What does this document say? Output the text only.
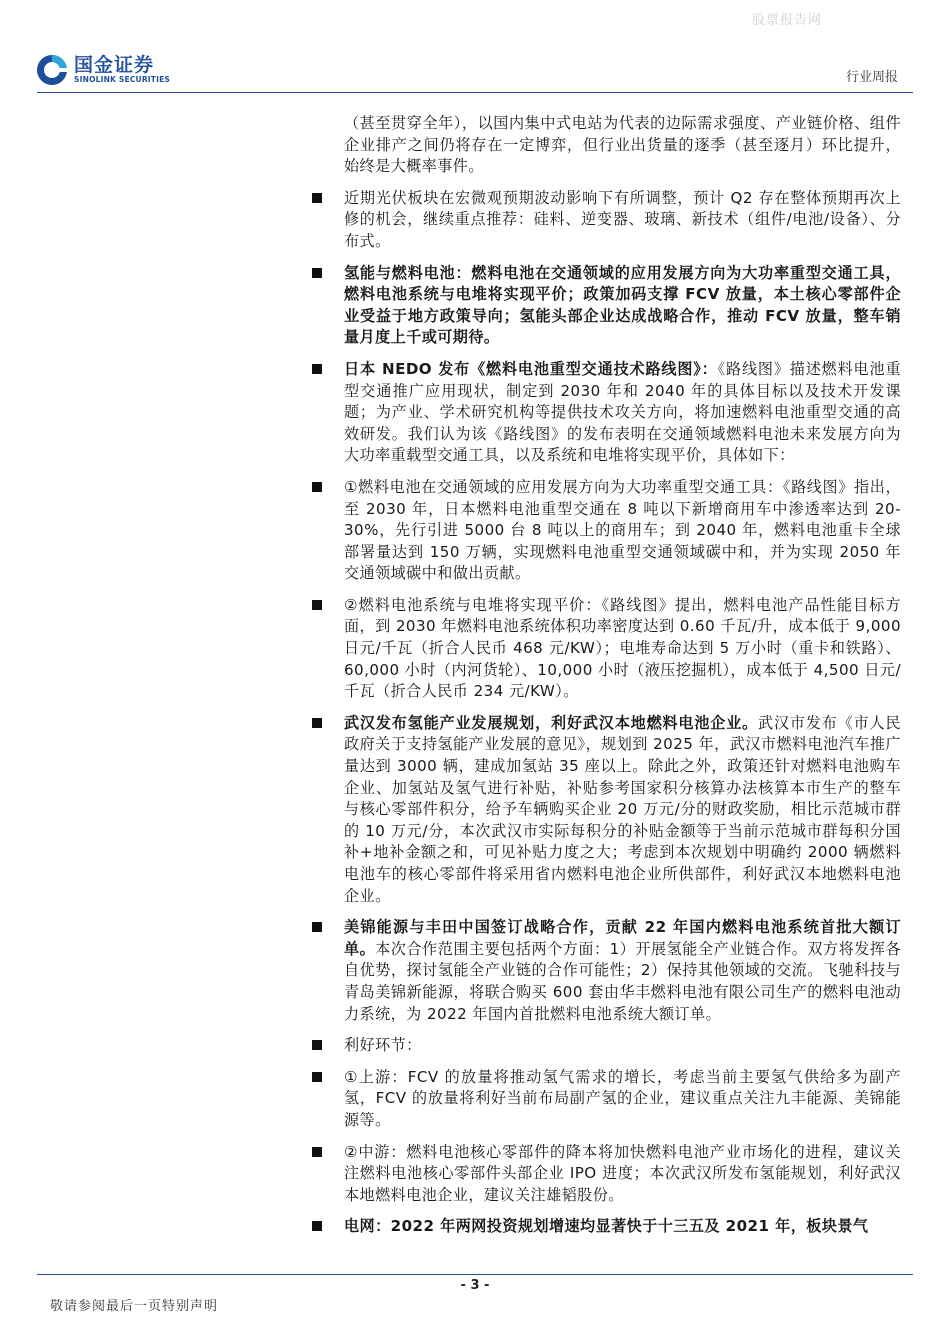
股票报告网
国金证券
SINOLINK SECURITIES	行业周报
（甚至贯穿全年），以国内集中式电站为代表的边际需求强度、产业链价格、组件企业排产之间仍将存在一定博弈，但行业出货量的逐季（甚至逐月）环比提升，始终是大概率事件。
近期光伏板块在宏微观预期波动影响下有所调整，预计 Q2 存在整体预期再次上修的机会，继续重点推荐：硅料、逆变器、玻璃、新技术（组件/电池/设备）、分布式。
氢能与燃料电池：燃料电池在交通领域的应用发展方向为大功率重型交通工具，燃料电池系统与电堆将实现平价；政策加码支撑 FCV 放量，本土核心零部件企业受益于地方政策导向；氢能头部企业达成战略合作，推动 FCV 放量，整车销量月度上千或可期待。
日本 NEDO 发布《燃料电池重型交通技术路线图》：《路线图》描述燃料电池重型交通推广应用现状，制定到 2030 年和 2040 年的具体目标以及技术开发课题；为产业、学术研究机构等提供技术攻关方向，将加速燃料电池重型交通的高效研发。我们认为该《路线图》的发布表明在交通领域燃料电池未来发展方向为大功率重载型交通工具，以及系统和电堆将实现平价，具体如下：
①燃料电池在交通领域的应用发展方向为大功率重型交通工具：《路线图》指出，至 2030 年，日本燃料电池重型交通在 8 吨以下新增商用车中渗透率达到 20-30%，先行引进 5000 台 8 吨以上的商用车；到 2040 年，燃料电池重卡全球部署量达到 150 万辆，实现燃料电池重型交通领域碳中和，并为实现 2050 年交通领域碳中和做出贡献。
②燃料电池系统与电堆将实现平价：《路线图》提出，燃料电池产品性能目标方面，到 2030 年燃料电池系统体积功率密度达到 0.60 千瓦/升，成本低于 9,000 日元/千瓦（折合人民币 468 元/KW）；电堆寿命达到 5 万小时（重卡和铁路）、60,000 小时（内河货轮）、10,000 小时（液压挖掘机），成本低于 4,500 日元/千瓦（折合人民币 234 元/KW）。
武汉发布氢能产业发展规划，利好武汉本地燃料电池企业。武汉市发布《市人民政府关于支持氢能产业发展的意见》，规划到 2025 年，武汉市燃料电池汽车推广量达到 3000 辆，建成加氢站 35 座以上。除此之外，政策还针对燃料电池购车企业、加氢站及氢气进行补贴，补贴参考国家积分核算办法核算本市生产的整车与核心零部件积分，给予车辆购买企业 20 万元/分的财政奖励，相比示范城市群的 10 万元/分，本次武汉市实际每积分的补贴金额等于当前示范城市群每积分国补+地补金额之和，可见补贴力度之大；考虑到本次规划中明确约 2000 辆燃料电池车的核心零部件将采用省内燃料电池企业所供部件，利好武汉本地燃料电池企业。
美锦能源与丰田中国签订战略合作，贡献 22 年国内燃料电池系统首批大额订单。本次合作范围主要包括两个方面：1）开展氢能全产业链合作。双方将发挥各自优势，探讨氢能全产业链的合作可能性；2）保持其他领域的交流。飞驰科技与青岛美锦新能源，将联合购买 600 套由华丰燃料电池有限公司生产的燃料电池动力系统，为 2022 年国内首批燃料电池系统大额订单。
利好环节：
①上游：FCV 的放量将推动氢气需求的增长，考虑当前主要氢气供给多为副产氢，FCV 的放量将利好当前布局副产氢的企业，建议重点关注九丰能源、美锦能源等。
②中游：燃料电池核心零部件的降本将加快燃料电池产业市场化的进程，建议关注燃料电池核心零部件头部企业 IPO 进度；本次武汉所发布氢能规划，利好武汉本地燃料电池企业，建议关注雄韬股份。
电网：2022 年两网投资规划增速均显著快于十三五及 2021 年，板块景气
- 3 -
敬请参阅最后一页特别声明
